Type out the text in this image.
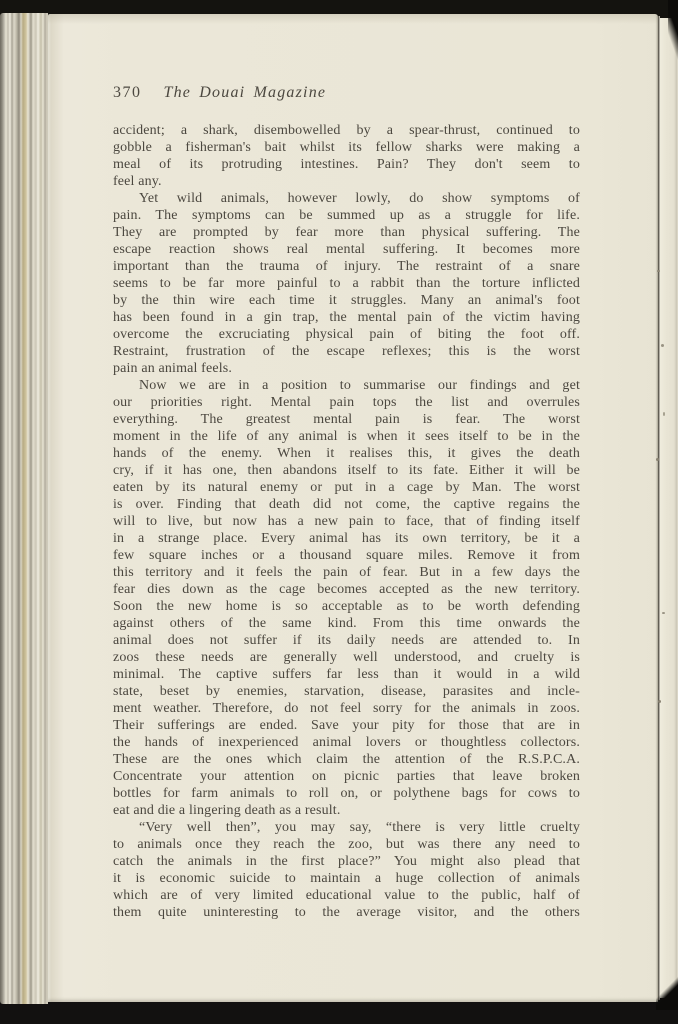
370 The Douai Magazine
accident; a shark, disembowelled by a spear-thrust, continued to
gobble a fisherman's bait whilst its fellow sharks were making a
meal of its protruding intestines. Pain? They don't seem to
feel any.
Yet wild animals, however lowly, do show symptoms of
pain. The symptoms can be summed up as a struggle for life.
They are prompted by fear more than physical suffering. The
escape reaction shows real mental suffering. It becomes more
important than the trauma of injury. The restraint of a snare
seems to be far more painful to a rabbit than the torture inflicted
by the thin wire each time it struggles. Many an animal's foot
has been found in a gin trap, the mental pain of the victim having
overcome the excruciating physical pain of biting the foot off.
Restraint, frustration of the escape reflexes; this is the worst
pain an animal feels.
Now we are in a position to summarise our findings and get
our priorities right. Mental pain tops the list and overrules
everything. The greatest mental pain is fear. The worst
moment in the life of any animal is when it sees itself to be in the
hands of the enemy. When it realises this, it gives the death
cry, if it has one, then abandons itself to its fate. Either it will be
eaten by its natural enemy or put in a cage by Man. The worst
is over. Finding that death did not come, the captive regains the
will to live, but now has a new pain to face, that of finding itself
in a strange place. Every animal has its own territory, be it a
few square inches or a thousand square miles. Remove it from
this territory and it feels the pain of fear. But in a few days the
fear dies down as the cage becomes accepted as the new territory.
Soon the new home is so acceptable as to be worth defending
against others of the same kind. From this time onwards the
animal does not suffer if its daily needs are attended to. In
zoos these needs are generally well understood, and cruelty is
minimal. The captive suffers far less than it would in a wild
state, beset by enemies, starvation, disease, parasites and incle-
ment weather. Therefore, do not feel sorry for the animals in zoos.
Their sufferings are ended. Save your pity for those that are in
the hands of inexperienced animal lovers or thoughtless collectors.
These are the ones which claim the attention of the R.S.P.C.A.
Concentrate your attention on picnic parties that leave broken
bottles for farm animals to roll on, or polythene bags for cows to
eat and die a lingering death as a result.
“Very well then”, you may say, “there is very little cruelty
to animals once they reach the zoo, but was there any need to
catch the animals in the first place?” You might also plead that
it is economic suicide to maintain a huge collection of animals
which are of very limited educational value to the public, half of
them quite uninteresting to the average visitor, and the others
